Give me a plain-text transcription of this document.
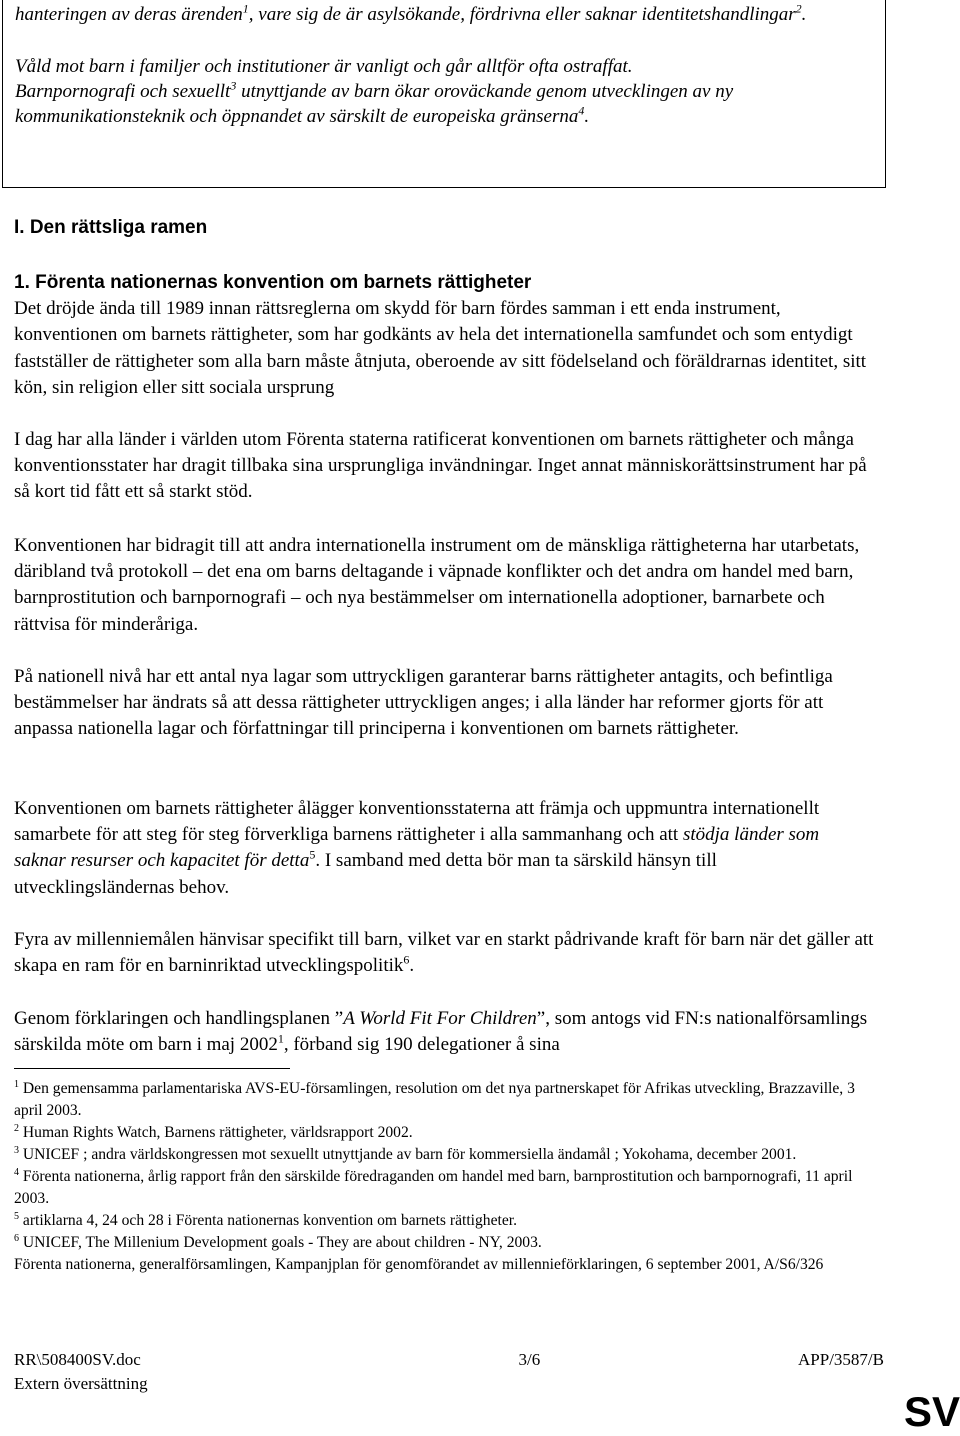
hanteringen av deras ärenden$^1$, vare sig de är asylsökande, fördrivna eller saknar identitetshandlingar$^2$.

Våld mot barn i familjer och institutioner är vanligt och går alltför ofta ostraffat.
Barnpornografi och sexuellt$^3$ utnyttjande av barn ökar oroväckande genom utvecklingen av ny kommunikationsteknik och öppnandet av särskilt de europeiska gränserna$^4$.

I. Den rättsliga ramen

1. Förenta nationernas konvention om barnets rättigheter

Det dröjde ända till 1989 innan rättsreglerna om skydd för barn fördes samman i ett enda instrument, konventionen om barnets rättigheter, som har godkänts av hela det internationella samfundet och som entydigt fastställer de rättigheter som alla barn måste åtnjuta, oberoende av sitt födelseland och föräldrarnas identitet, sitt kön, sin religion eller sitt sociala ursprung

I dag har alla länder i världen utom Förenta staterna ratificerat konventionen om barnets rättigheter och många konventionsstater har dragit tillbaka sina ursprungliga invändningar. Inget annat människorättsinstrument har på så kort tid fått ett så starkt stöd.

Konventionen har bidragit till att andra internationella instrument om de mänskliga rättigheterna har utarbetats, däribland två protokoll – det ena om barns deltagande i väpnade konflikter och det andra om handel med barn, barnprostitution och barnpornografi – och nya bestämmelser om internationella adoptioner, barnarbete och rättvisa för minderåriga.

På nationell nivå har ett antal nya lagar som uttryckligen garanterar barns rättigheter antagits, och befintliga bestämmelser har ändrats så att dessa rättigheter uttryckligen anges; i alla länder har reformer gjorts för att anpassa nationella lagar och författningar till principerna i konventionen om barnets rättigheter.

Konventionen om barnets rättigheter ålägger konventionsstaterna att främja och uppmuntra internationellt samarbete för att steg för steg förverkliga barnens rättigheter i alla sammanhang och att stödja länder som saknar resurser och kapacitet för detta$^5$. I samband med detta bör man ta särskild hänsyn till utvecklingsländernas behov.

Fyra av millenniemålen hänvisar specifikt till barn, vilket var en starkt pådrivande kraft för barn när det gäller att skapa en ram för en barninriktad utvecklingspolitik$^6$.

Genom förklaringen och handlingsplanen ”A World Fit For Children”, som antogs vid FN:s nationalförsamlings särskilda möte om barn i maj 2002$^1$, förband sig 190 delegationer å sina

$^1$ Den gemensamma parlamentariska AVS-EU-församlingen, resolution om det nya partnerskapet för Afrikas utveckling, Brazzaville, 3 april 2003.

$^2$ Human Rights Watch, Barnens rättigheter, världsrapport 2002.

$^3$ UNICEF ; andra världskongressen mot sexuellt utnyttjande av barn för kommersiella ändamål ; Yokohama, december 2001.

$^4$ Förenta nationerna, årlig rapport från den särskilde föredraganden om handel med barn, barnprostitution och barnpornografi, 11 april 2003.

$^5$ artiklarna 4, 24 och 28 i Förenta nationernas konvention om barnets rättigheter.

$^6$ UNICEF, The Millenium Development goals - They are about children - NY, 2003.

Förenta nationerna, generalförsamlingen, Kampanjplan för genomförandet av millennieförklaringen, 6 september 2001, A/S6/326

RR\508400SV.doc	3/6	APP/3587/B
Extern översättning
SV
